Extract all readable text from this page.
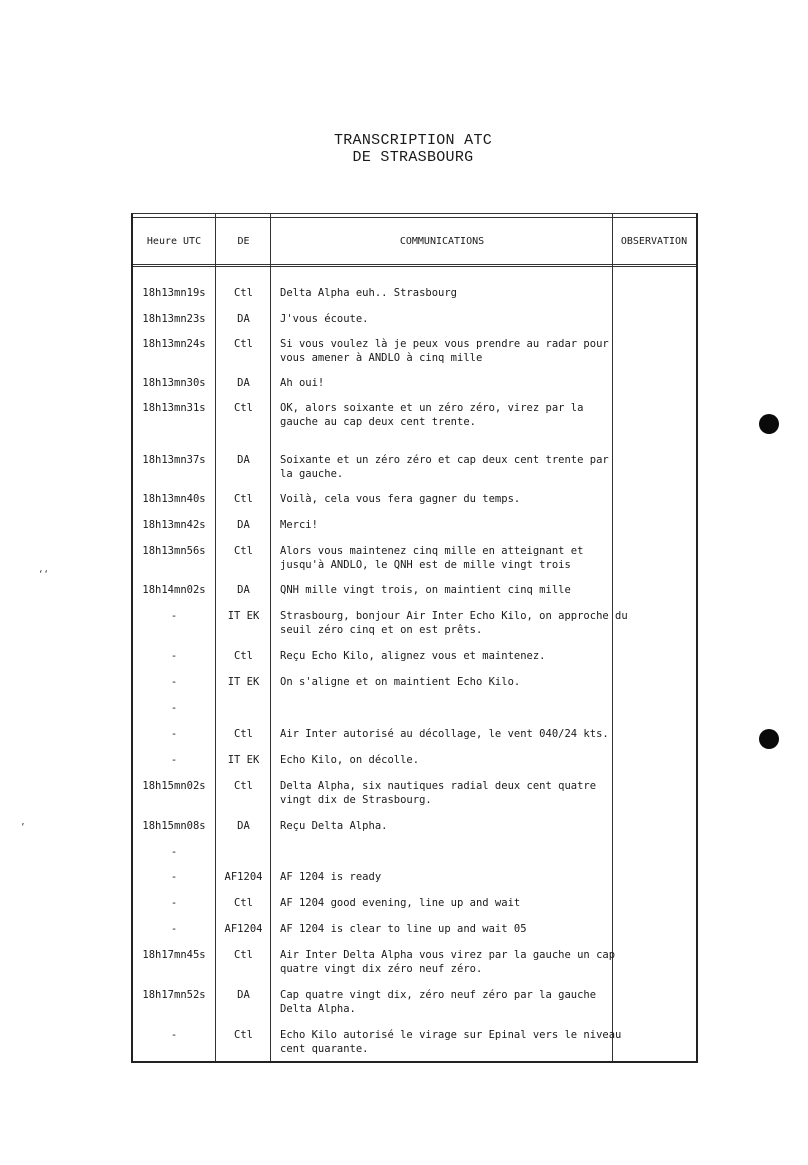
TRANSCRIPTION ATC
DE STRASBOURG
Heure UTC	DE	COMMUNICATIONS	OBSERVATION
18h13mn19s	Ctl	Delta Alpha euh.. Strasbourg
18h13mn23s	DA	J'vous écoute.
18h13mn24s	Ctl	Si vous voulez là je peux vous prendre au radar pour
vous amener à ANDLO à cinq mille
18h13mn30s	DA	Ah oui!
18h13mn31s	Ctl	OK, alors soixante et un zéro zéro, virez par la
gauche au cap deux cent trente.
18h13mn37s	DA	Soixante et un zéro zéro et cap deux cent trente par
la gauche.
18h13mn40s	Ctl	Voilà, cela vous fera gagner du temps.
18h13mn42s	DA	Merci!
18h13mn56s	Ctl	Alors vous maintenez cinq mille en atteignant et
jusqu'à ANDLO, le QNH est de mille vingt trois
18h14mn02s	DA	QNH mille vingt trois, on maintient cinq mille
-	IT EK	Strasbourg, bonjour Air Inter Echo Kilo, on approche du
seuil zéro cinq et on est prêts.
-	Ctl	Reçu Echo Kilo, alignez vous et maintenez.
-	IT EK	On s'aligne et on maintient Echo Kilo.
-
-	Ctl	Air Inter autorisé au décollage, le vent 040/24 kts.
-	IT EK	Echo Kilo, on décolle.
18h15mn02s	Ctl	Delta Alpha, six nautiques radial deux cent quatre
vingt dix de Strasbourg.
18h15mn08s	DA	Reçu Delta Alpha.
-
-	AF1204	AF 1204 is ready
-	Ctl	AF 1204 good evening, line up and wait
-	AF1204	AF 1204 is clear to line up and wait 05
18h17mn45s	Ctl	Air Inter Delta Alpha vous virez par la gauche un cap
quatre vingt dix zéro neuf zéro.
18h17mn52s	DA	Cap quatre vingt dix, zéro neuf zéro par la gauche
Delta Alpha.
-	Ctl	Echo Kilo autorisé le virage sur Epinal vers le niveau
cent quarante.
‘‘
’
